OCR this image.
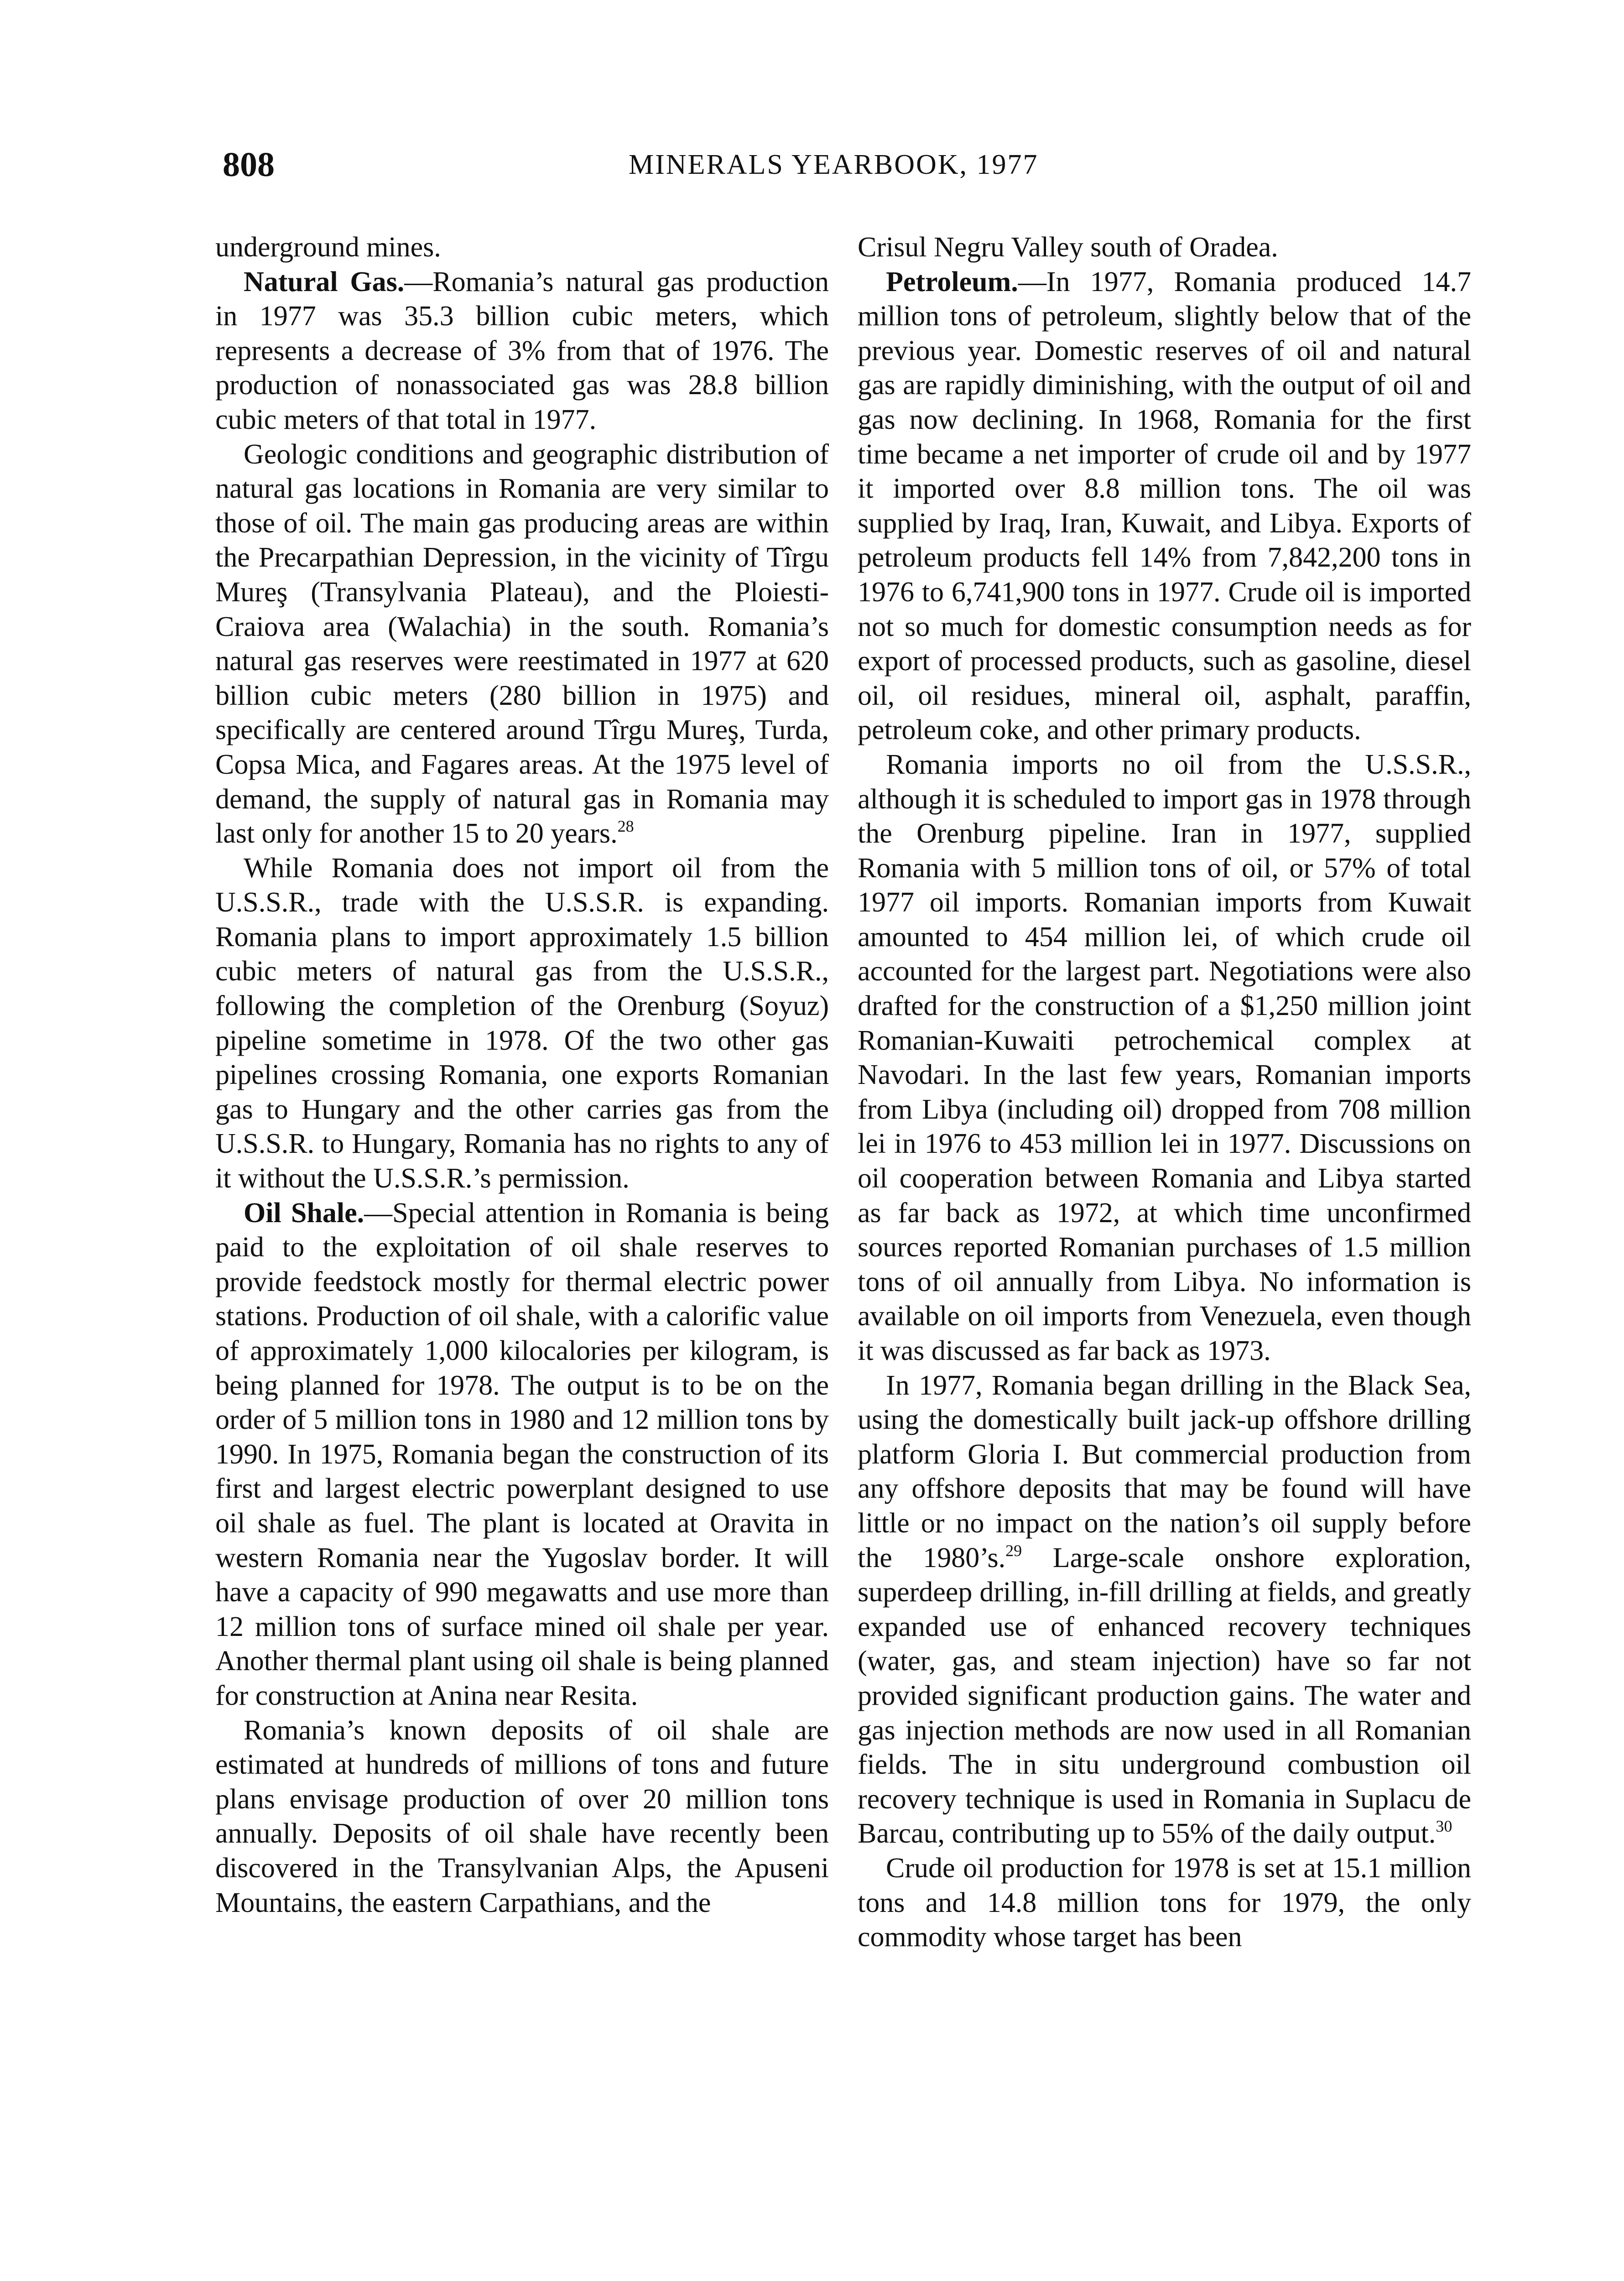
808	MINERALS YEARBOOK, 1977

underground mines.

Natural Gas.—Romania’s natural gas production in 1977 was 35.3 billion cubic meters, which represents a decrease of 3% from that of 1976. The production of nonassociated gas was 28.8 billion cubic meters of that total in 1977.

Geologic conditions and geographic distribution of natural gas locations in Romania are very similar to those of oil. The main gas producing areas are within the Precarpathian Depression, in the vicinity of Tîrgu Mureş (Transylvania Plateau), and the Ploiesti-Craiova area (Walachia) in the south. Romania’s natural gas reserves were reestimated in 1977 at 620 billion cubic meters (280 billion in 1975) and specifically are centered around Tîrgu Mureş, Turda, Copsa Mica, and Fagares areas. At the 1975 level of demand, the supply of natural gas in Romania may last only for another 15 to 20 years.$^{28}$

While Romania does not import oil from the U.S.S.R., trade with the U.S.S.R. is expanding. Romania plans to import approximately 1.5 billion cubic meters of natural gas from the U.S.S.R., following the completion of the Orenburg (Soyuz) pipeline sometime in 1978. Of the two other gas pipelines crossing Romania, one exports Romanian gas to Hungary and the other carries gas from the U.S.S.R. to Hungary, Romania has no rights to any of it without the U.S.S.R.’s permission.

Oil Shale.—Special attention in Romania is being paid to the exploitation of oil shale reserves to provide feedstock mostly for thermal electric power stations. Production of oil shale, with a calorific value of approximately 1,000 kilocalories per kilogram, is being planned for 1978. The output is to be on the order of 5 million tons in 1980 and 12 million tons by 1990. In 1975, Romania began the construction of its first and largest electric powerplant designed to use oil shale as fuel. The plant is located at Oravita in western Romania near the Yugoslav border. It will have a capacity of 990 megawatts and use more than 12 million tons of surface mined oil shale per year. Another thermal plant using oil shale is being planned for construction at Anina near Resita.

Romania’s known deposits of oil shale are estimated at hundreds of millions of tons and future plans envisage production of over 20 million tons annually. Deposits of oil shale have recently been discovered in the Transylvanian Alps, the Apuseni Mountains, the eastern Carpathians, and the

Crisul Negru Valley south of Oradea.

Petroleum.—In 1977, Romania produced 14.7 million tons of petroleum, slightly below that of the previous year. Domestic reserves of oil and natural gas are rapidly diminishing, with the output of oil and gas now declining. In 1968, Romania for the first time became a net importer of crude oil and by 1977 it imported over 8.8 million tons. The oil was supplied by Iraq, Iran, Kuwait, and Libya. Exports of petroleum products fell 14% from 7,842,200 tons in 1976 to 6,741,900 tons in 1977. Crude oil is imported not so much for domestic consumption needs as for export of processed products, such as gasoline, diesel oil, oil residues, mineral oil, asphalt, paraffin, petroleum coke, and other primary products.

Romania imports no oil from the U.S.S.R., although it is scheduled to import gas in 1978 through the Orenburg pipeline. Iran in 1977, supplied Romania with 5 million tons of oil, or 57% of total 1977 oil imports. Romanian imports from Kuwait amounted to 454 million lei, of which crude oil accounted for the largest part. Negotiations were also drafted for the construction of a $1,250 million joint Romanian-Kuwaiti petrochemical complex at Navodari. In the last few years, Romanian imports from Libya (including oil) dropped from 708 million lei in 1976 to 453 million lei in 1977. Discussions on oil cooperation between Romania and Libya started as far back as 1972, at which time unconfirmed sources reported Romanian purchases of 1.5 million tons of oil annually from Libya. No information is available on oil imports from Venezuela, even though it was discussed as far back as 1973.

In 1977, Romania began drilling in the Black Sea, using the domestically built jack-up offshore drilling platform Gloria I. But commercial production from any offshore deposits that may be found will have little or no impact on the nation’s oil supply before the 1980’s.$^{29}$ Large-scale onshore exploration, superdeep drilling, in-fill drilling at fields, and greatly expanded use of enhanced recovery techniques (water, gas, and steam injection) have so far not provided significant production gains. The water and gas injection methods are now used in all Romanian fields. The in situ underground combustion oil recovery technique is used in Romania in Suplacu de Barcau, contributing up to 55% of the daily output.$^{30}$

Crude oil production for 1978 is set at 15.1 million tons and 14.8 million tons for 1979, the only commodity whose target has been
